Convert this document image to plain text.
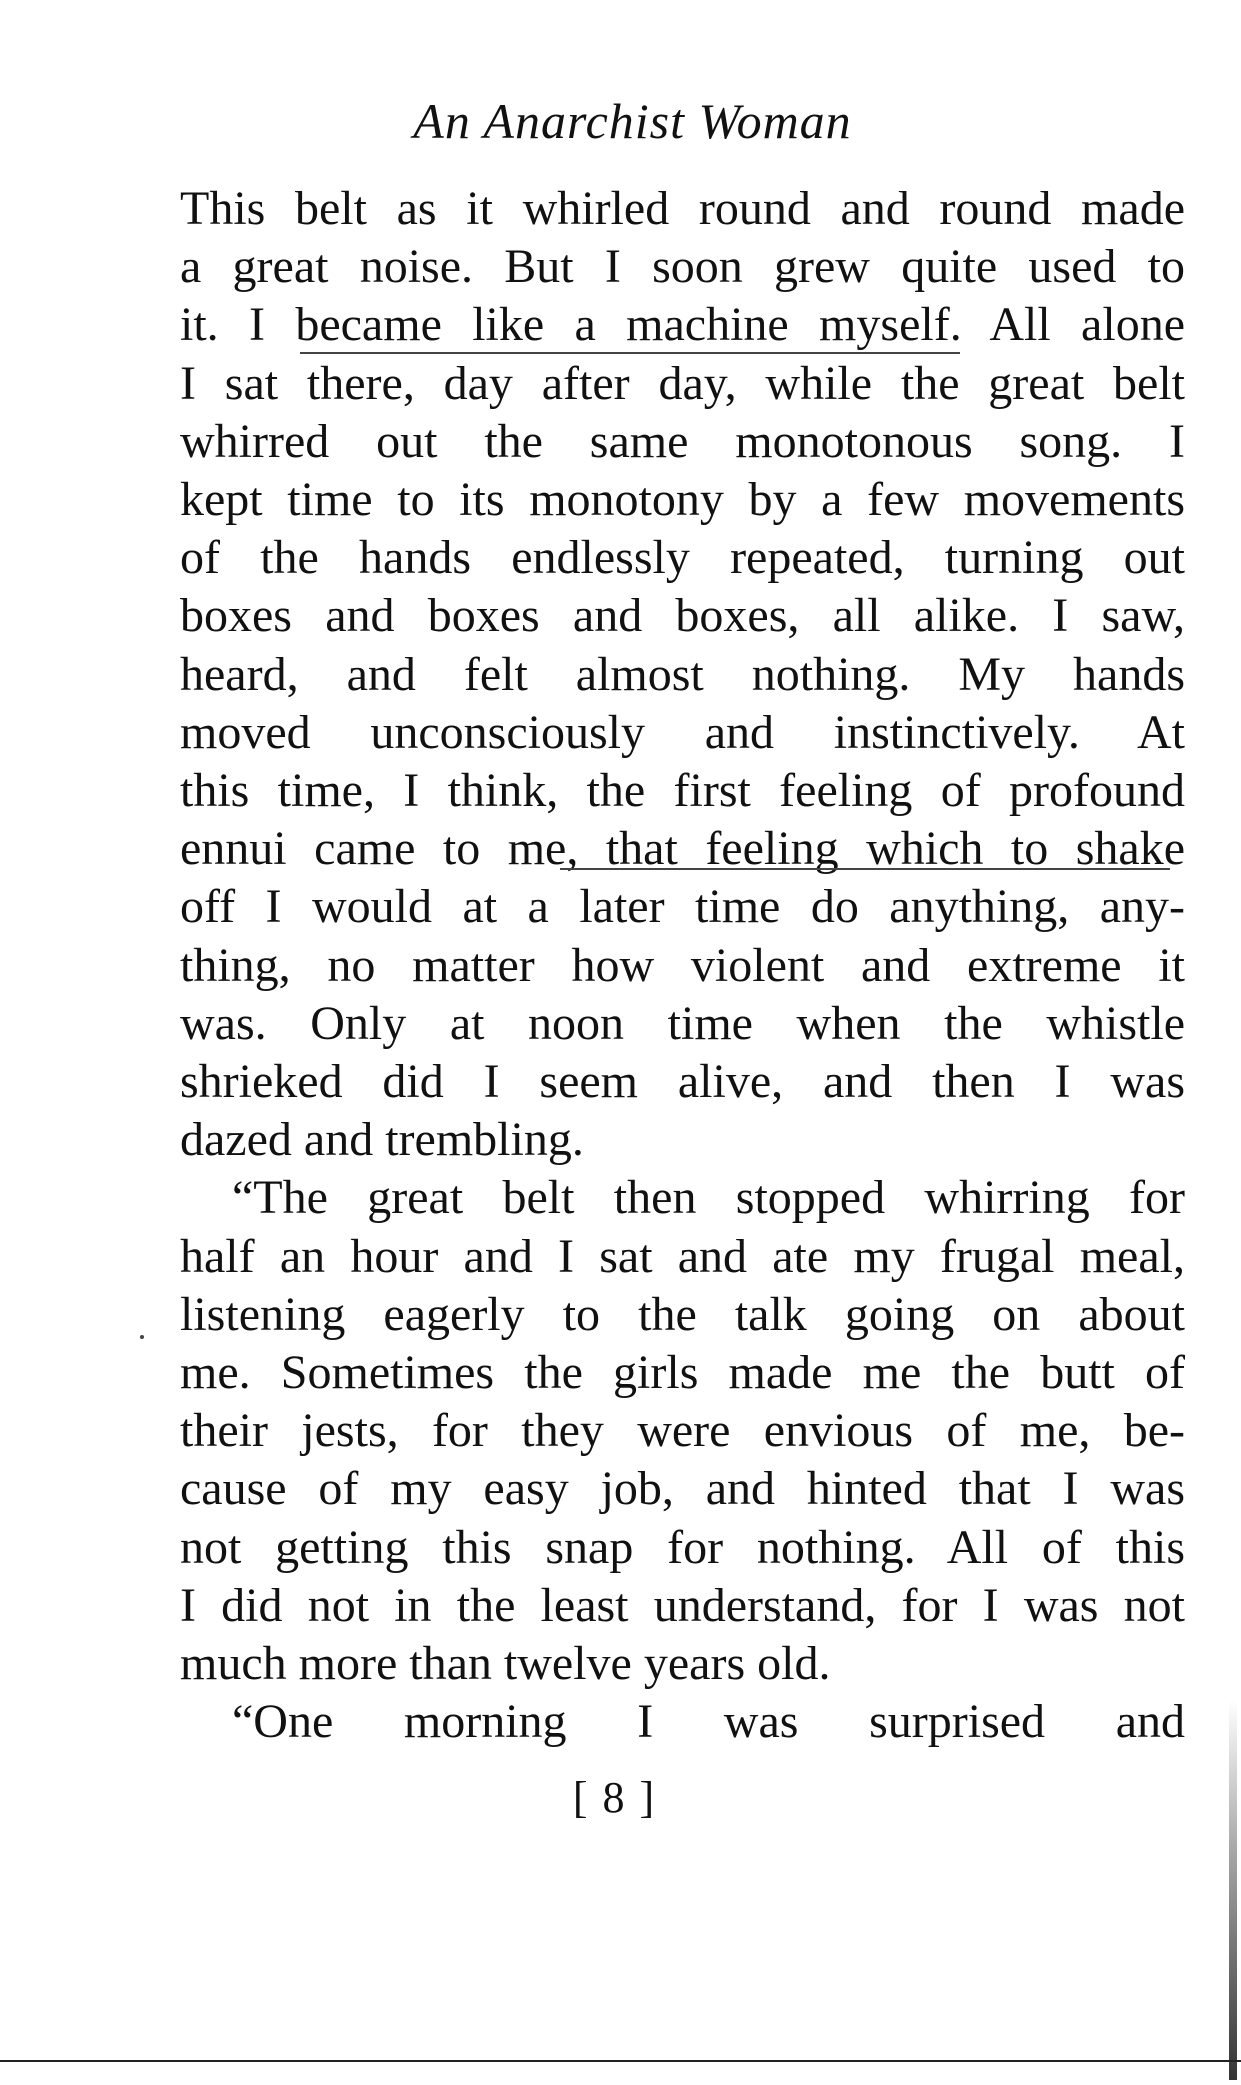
An Anarchist Woman
This belt as it whirled round and round made
a great noise. But I soon grew quite used to
it. I became like a machine myself. All alone
I sat there, day after day, while the great belt
whirred out the same monotonous song. I
kept time to its monotony by a few movements
of the hands endlessly repeated, turning out
boxes and boxes and boxes, all alike. I saw,
heard, and felt almost nothing. My hands
moved unconsciously and instinctively. At
this time, I think, the first feeling of profound
ennui came to me, that feeling which to shake
off I would at a later time do anything, any-
thing, no matter how violent and extreme it
was. Only at noon time when the whistle
shrieked did I seem alive, and then I was
dazed and trembling.
“The great belt then stopped whirring for
half an hour and I sat and ate my frugal meal,
listening eagerly to the talk going on about
me. Sometimes the girls made me the butt of
their jests, for they were envious of me, be-
cause of my easy job, and hinted that I was
not getting this snap for nothing. All of this
I did not in the least understand, for I was not
much more than twelve years old.
“One morning I was surprised and
[ 8 ]
